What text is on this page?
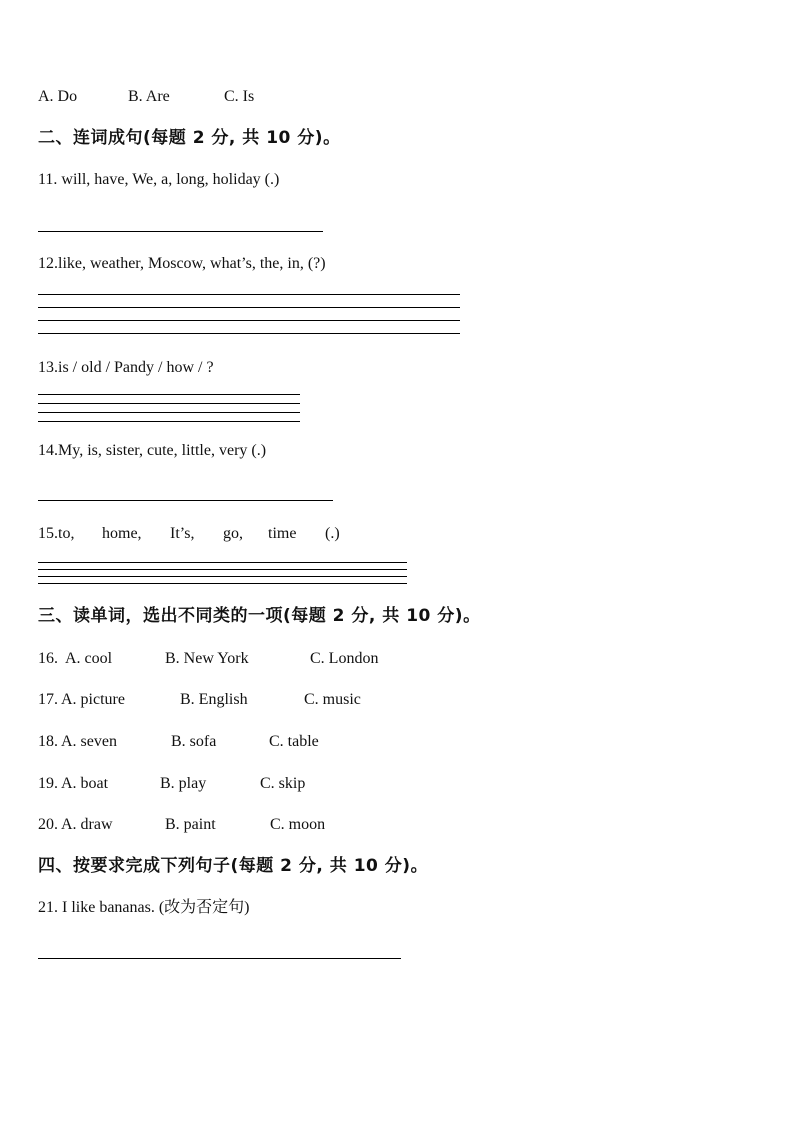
A. Do	B. Are	C. Is
二、连词成句(每题 2 分, 共 10 分)。
11. will, have, We, a, long, holiday (.)
12.like, weather, Moscow, what’s, the, in, (?)
13.is / old / Pandy / how / ?
14.My, is, sister, cute, little, very (.)
15.to, home, It’s, go, time (.)
三、读单词，选出不同类的一项(每题 2 分, 共 10 分)。
16. A. cool	B. New York	C. London
17. A. picture	B. English	C. music
18. A. seven	B. sofa	C. table
19. A. boat	B. play	C. skip
20. A. draw	B. paint	C. moon
四、按要求完成下列句子(每题 2 分, 共 10 分)。
21. I like bananas. (改为否定句)
